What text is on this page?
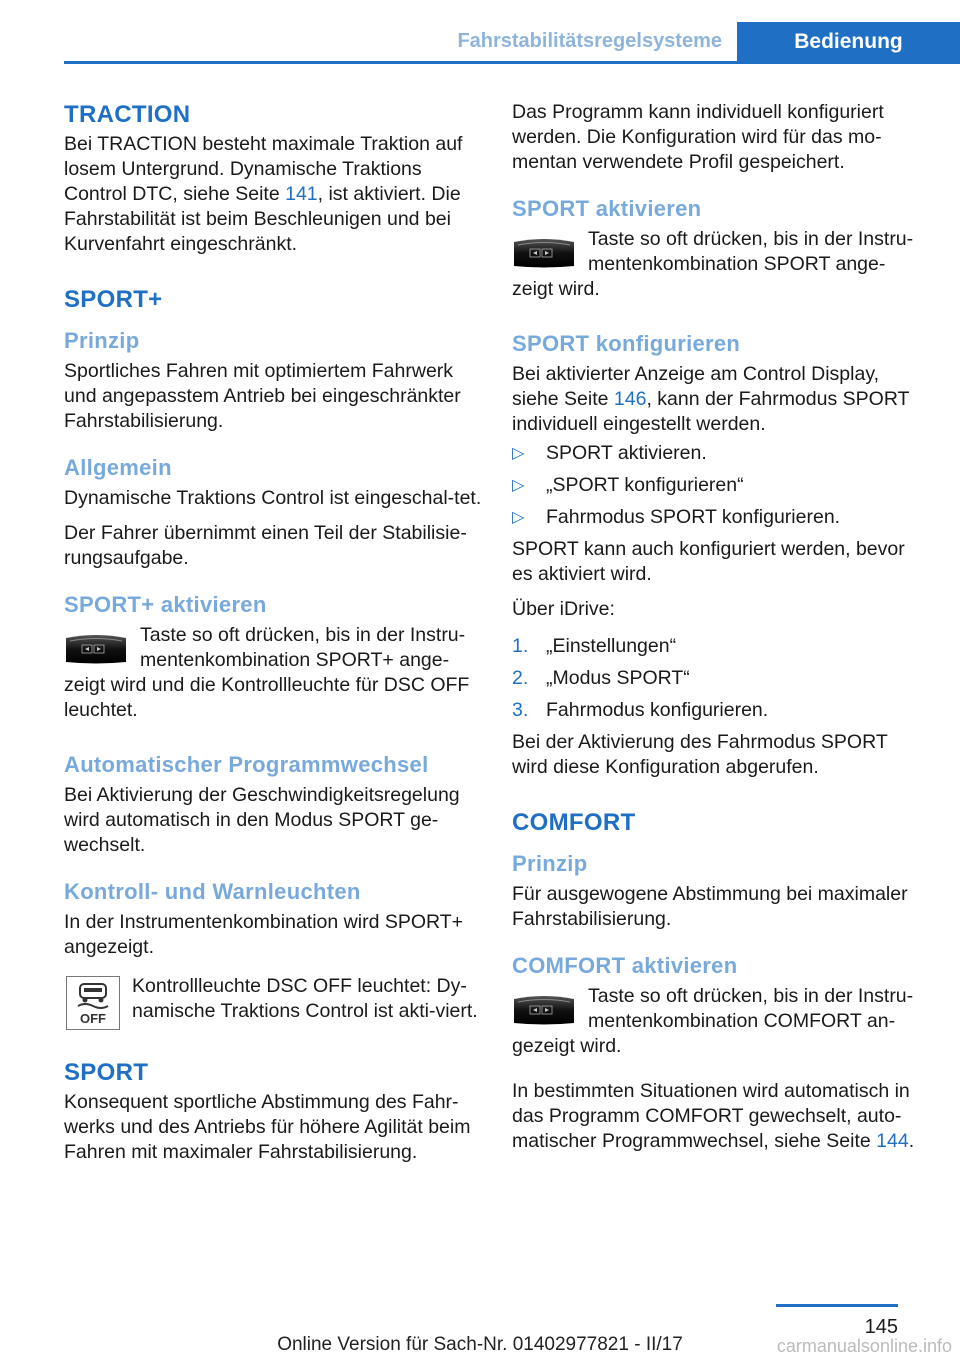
Fahrstabilitätsregelsysteme	Bedienung
TRACTION

Bei TRACTION besteht maximale Traktion auf losem Untergrund. Dynamische Traktions Control DTC, siehe Seite 141, ist aktiviert. Die Fahrstabilität ist beim Beschleunigen und bei Kurvenfahrt eingeschränkt.

SPORT+
Prinzip

Sportliches Fahren mit optimiertem Fahrwerk und angepasstem Antrieb bei eingeschränkter Fahrstabilisierung.

Allgemein

Dynamische Traktions Control ist eingeschal‐tet.

Der Fahrer übernimmt einen Teil der Stabilisie‐rungsaufgabe.

SPORT+ aktivieren

Taste so oft drücken, bis in der Instru‐mentenkombination SPORT+ ange‐zeigt wird und die Kontrollleuchte für DSC OFF leuchtet.

Automatischer Programmwechsel

Bei Aktivierung der Geschwindigkeitsregelung wird automatisch in den Modus SPORT ge‐wechselt.

Kontroll- und Warnleuchten

In der Instrumentenkombination wird SPORT+ angezeigt.

OFF

Kontrollleuchte DSC OFF leuchtet: Dy‐namische Traktions Control ist akti‐viert.

SPORT

Konsequent sportliche Abstimmung des Fahr‐werks und des Antriebs für höhere Agilität beim Fahren mit maximaler Fahrstabilisierung.

Das Programm kann individuell konfiguriert werden. Die Konfiguration wird für das mo‐mentan verwendete Profil gespeichert.

SPORT aktivieren

Taste so oft drücken, bis in der Instru‐mentenkombination SPORT ange‐zeigt wird.

SPORT konfigurieren

Bei aktivierter Anzeige am Control Display, siehe Seite 146, kann der Fahrmodus SPORT individuell eingestellt werden.

▷	SPORT aktivieren.
▷	„SPORT konfigurieren“
▷	Fahrmodus SPORT konfigurieren.

SPORT kann auch konfiguriert werden, bevor es aktiviert wird.

Über iDrive:

1. „Einstellungen“
2. „Modus SPORT“
3. Fahrmodus konfigurieren.

Bei der Aktivierung des Fahrmodus SPORT wird diese Konfiguration abgerufen.

COMFORT
Prinzip

Für ausgewogene Abstimmung bei maximaler Fahrstabilisierung.

COMFORT aktivieren

Taste so oft drücken, bis in der Instru‐mentenkombination COMFORT an‐gezeigt wird.

In bestimmten Situationen wird automatisch in das Programm COMFORT gewechselt, auto‐matischer Programmwechsel, siehe Seite 144.

145
Online Version für Sach-Nr. 01402977821 - II/17	carmanualsonline.info
